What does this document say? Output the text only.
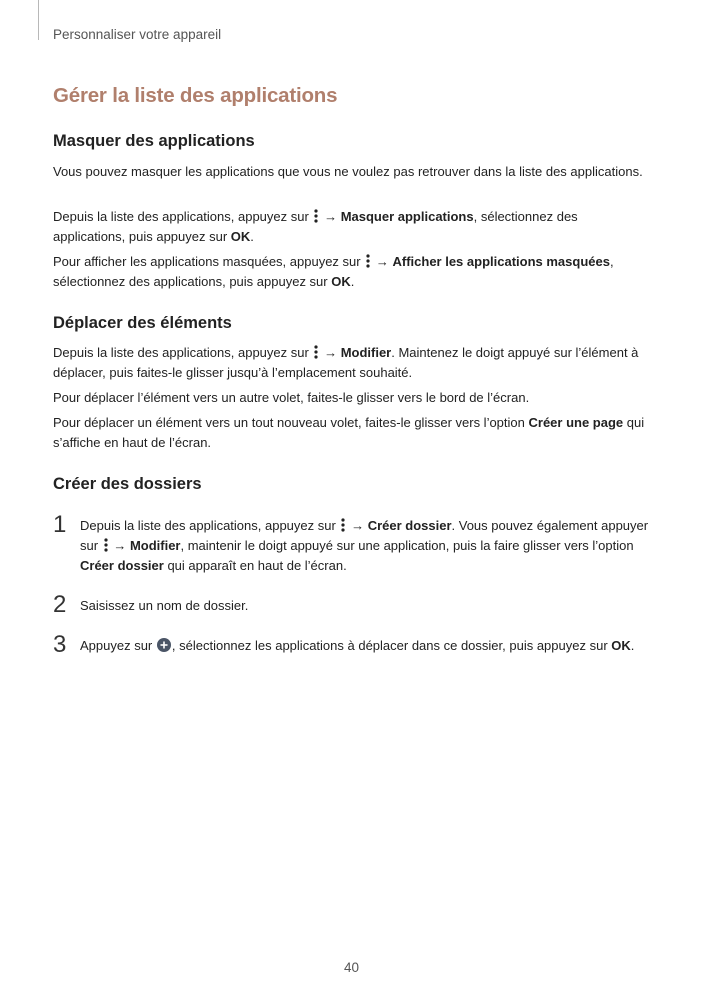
Personnaliser votre appareil
Gérer la liste des applications
Masquer des applications

Vous pouvez masquer les applications que vous ne voulez pas retrouver dans la liste des applications.

Depuis la liste des applications, appuyez sur → Masquer applications, sélectionnez des applications, puis appuyez sur OK.

Pour afficher les applications masquées, appuyez sur → Afficher les applications masquées, sélectionnez des applications, puis appuyez sur OK.

Déplacer des éléments

Depuis la liste des applications, appuyez sur → Modifier. Maintenez le doigt appuyé sur l’élément à déplacer, puis faites-le glisser jusqu’à l’emplacement souhaité.

Pour déplacer l’élément vers un autre volet, faites-le glisser vers le bord de l’écran.

Pour déplacer un élément vers un tout nouveau volet, faites-le glisser vers l’option Créer une page qui s’affiche en haut de l’écran.

Créer des dossiers
1 Depuis la liste des applications, appuyez sur → Créer dossier. Vous pouvez également appuyer sur → Modifier, maintenir le doigt appuyé sur une application, puis la faire glisser vers l’option Créer dossier qui apparaît en haut de l’écran.

2 Saisissez un nom de dossier.

3 Appuyez sur , sélectionnez les applications à déplacer dans ce dossier, puis appuyez sur OK.

40
